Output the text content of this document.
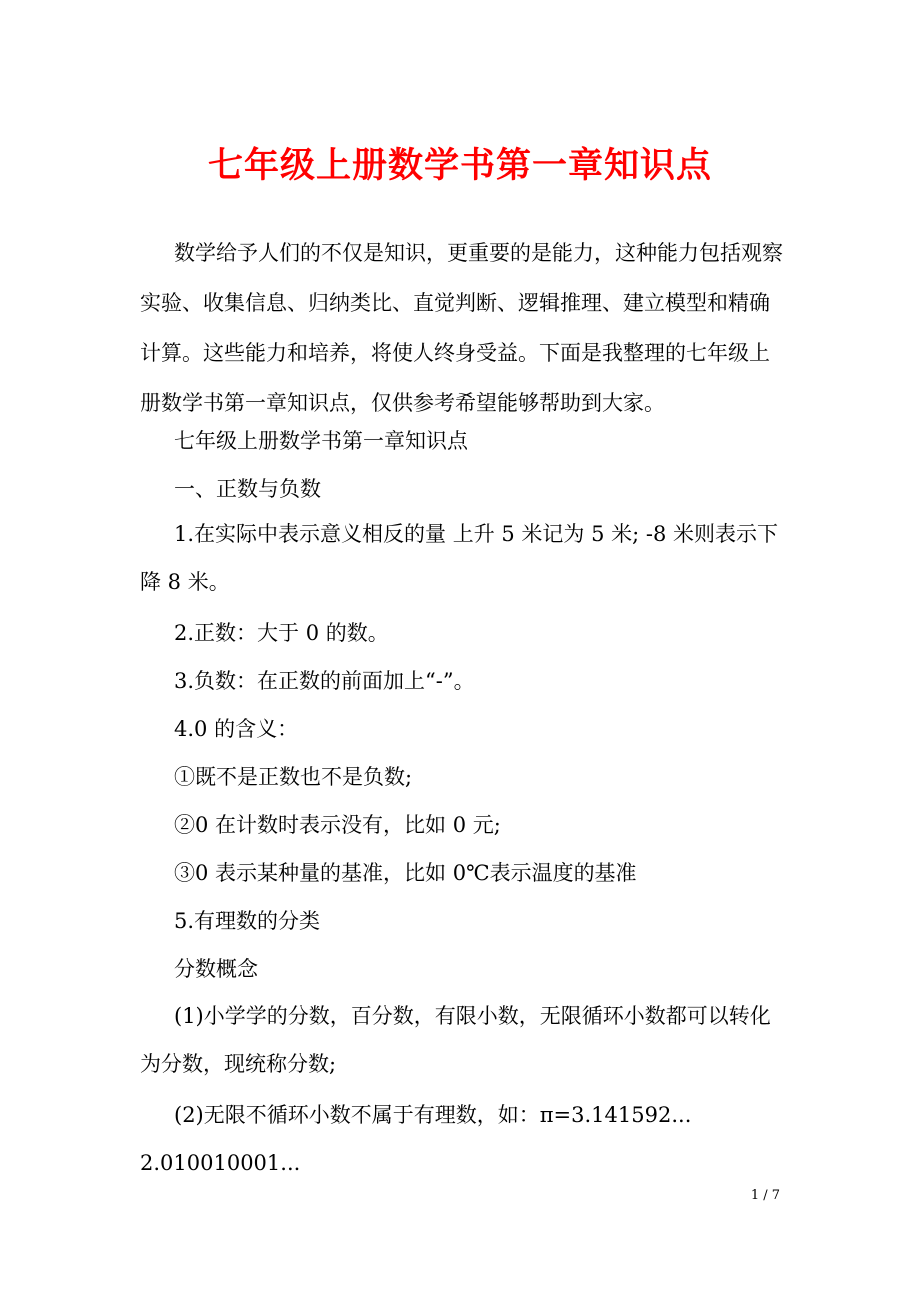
七年级上册数学书第一章知识点

数学给予人们的不仅是知识，更重要的是能力，这种能力包括观察实验、收集信息、归纳类比、直觉判断、逻辑推理、建立模型和精确计算。这些能力和培养，将使人终身受益。下面是我整理的七年级上册数学书第一章知识点，仅供参考希望能够帮助到大家。

七年级上册数学书第一章知识点

一、正数与负数

1.在实际中表示意义相反的量 上升 5 米记为 5 米; -8 米则表示下降 8 米。

2.正数：大于 0 的数。

3.负数：在正数的前面加上“-”。

4.0 的含义：

①既不是正数也不是负数;

②0 在计数时表示没有，比如 0 元;

③0 表示某种量的基准，比如 0℃表示温度的基准

5.有理数的分类

分数概念

(1)小学学的分数，百分数，有限小数，无限循环小数都可以转化为分数，现统称分数;

(2)无限不循环小数不属于有理数，如：π=3.141592...

2.010010001...

1 / 7
